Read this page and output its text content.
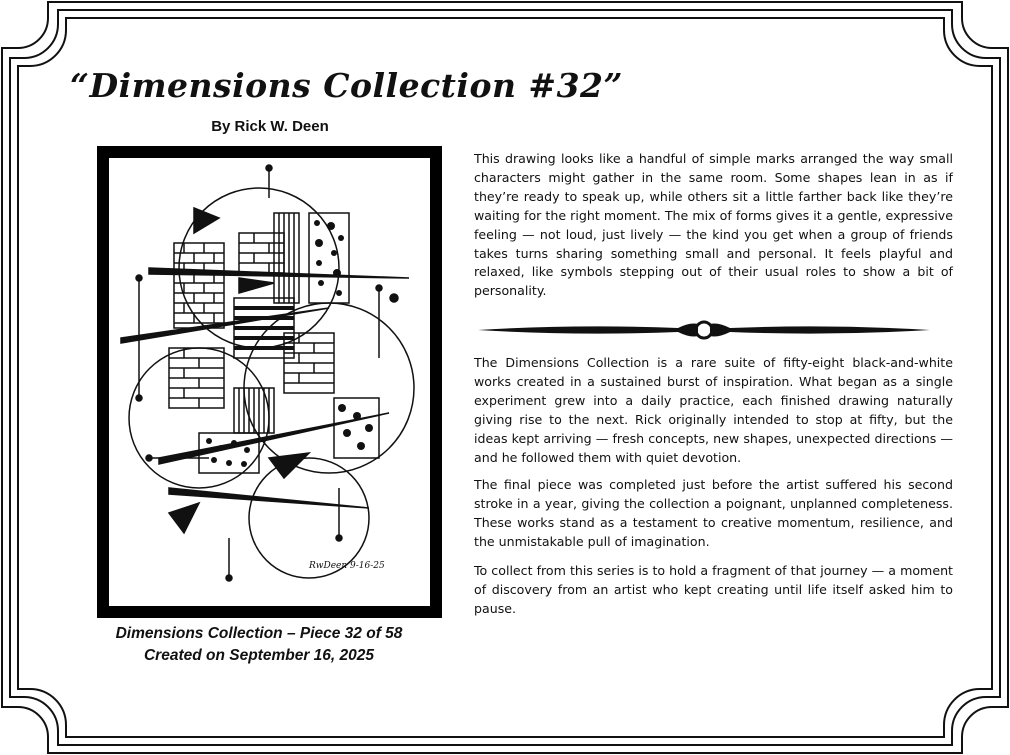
“Dimensions Collection #32”
By Rick W. Deen
RwDeen 9-16-25
Dimensions Collection – Piece 32 of 58
Created on September 16, 2025

This drawing looks like a handful of simple marks arranged the way small characters might gather in the same room. Some shapes lean in as if they’re ready to speak up, while others sit a little farther back like they’re waiting for the right moment. The mix of forms gives it a gentle, expressive feeling — not loud, just lively — the kind you get when a group of friends takes turns sharing something small and personal. It feels playful and relaxed, like symbols stepping out of their usual roles to show a bit of personality.

The Dimensions Collection is a rare suite of fifty-eight black-and-white works created in a sustained burst of inspiration. What began as a single experiment grew into a daily practice, each finished drawing naturally giving rise to the next. Rick originally intended to stop at fifty, but the ideas kept arriving — fresh concepts, new shapes, unexpected directions — and he followed them with quiet devotion.

The final piece was completed just before the artist suffered his second stroke in a year, giving the collection a poignant, unplanned completeness. These works stand as a testament to creative momentum, resilience, and the unmistakable pull of imagination.

To collect from this series is to hold a fragment of that journey — a moment of discovery from an artist who kept creating until life itself asked him to pause.
